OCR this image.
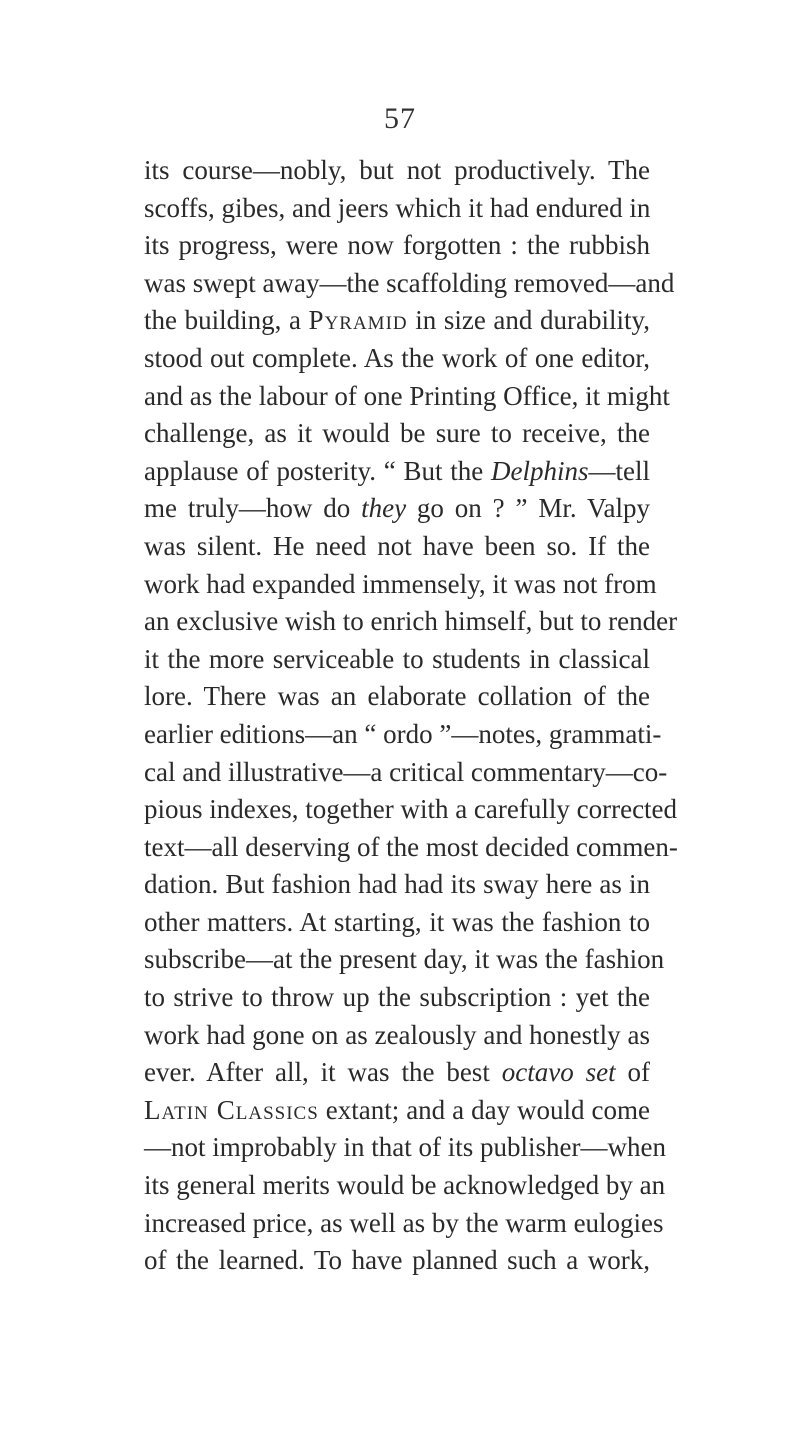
57
its course—nobly, but not productively. The
scoffs, gibes, and jeers which it had endured in
its progress, were now forgotten : the rubbish
was swept away—the scaffolding removed—and
the building, a Pyramid in size and durability,
stood out complete. As the work of one editor,
and as the labour of one Printing Office, it might
challenge, as it would be sure to receive, the
applause of posterity. “ But the Delphins—tell
me truly—how do they go on ? ” Mr. Valpy
was silent. He need not have been so. If the
work had expanded immensely, it was not from
an exclusive wish to enrich himself, but to render
it the more serviceable to students in classical
lore. There was an elaborate collation of the
earlier editions—an “ ordo ”—notes, grammati-
cal and illustrative—a critical commentary—co-
pious indexes, together with a carefully corrected
text—all deserving of the most decided commen-
dation. But fashion had had its sway here as in
other matters. At starting, it was the fashion to
subscribe—at the present day, it was the fashion
to strive to throw up the subscription : yet the
work had gone on as zealously and honestly as
ever. After all, it was the best octavo set of
Latin Classics extant; and a day would come
—not improbably in that of its publisher—when
its general merits would be acknowledged by an
increased price, as well as by the warm eulogies
of the learned. To have planned such a work,
